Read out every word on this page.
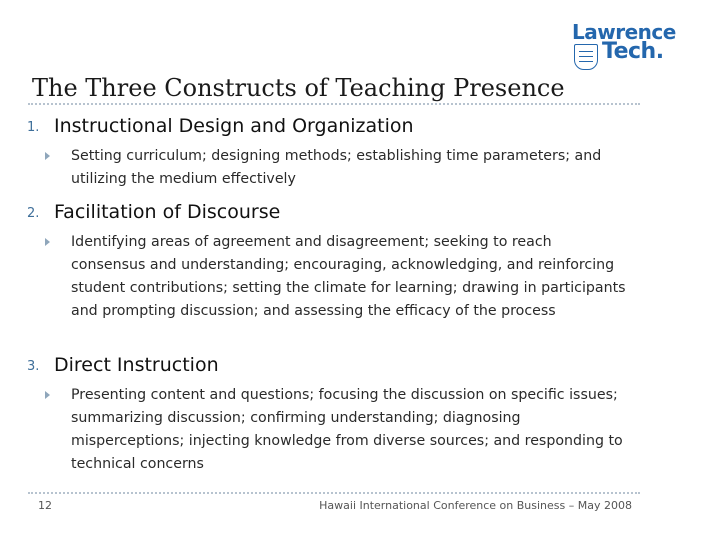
Lawrence
Tech.
The Three Constructs of Teaching Presence
1. Instructional Design and Organization
Setting curriculum; designing methods; establishing time parameters; and utilizing the medium effectively
2. Facilitation of Discourse
Identifying areas of agreement and disagreement; seeking to reach consensus and understanding; encouraging, acknowledging, and reinforcing student contributions; setting the climate for learning; drawing in participants and prompting discussion; and assessing the efficacy of the process
3. Direct Instruction
Presenting content and questions; focusing the discussion on specific issues; summarizing discussion; confirming understanding; diagnosing misperceptions; injecting knowledge from diverse sources; and responding to technical concerns
12	Hawaii International Conference on Business – May 2008
